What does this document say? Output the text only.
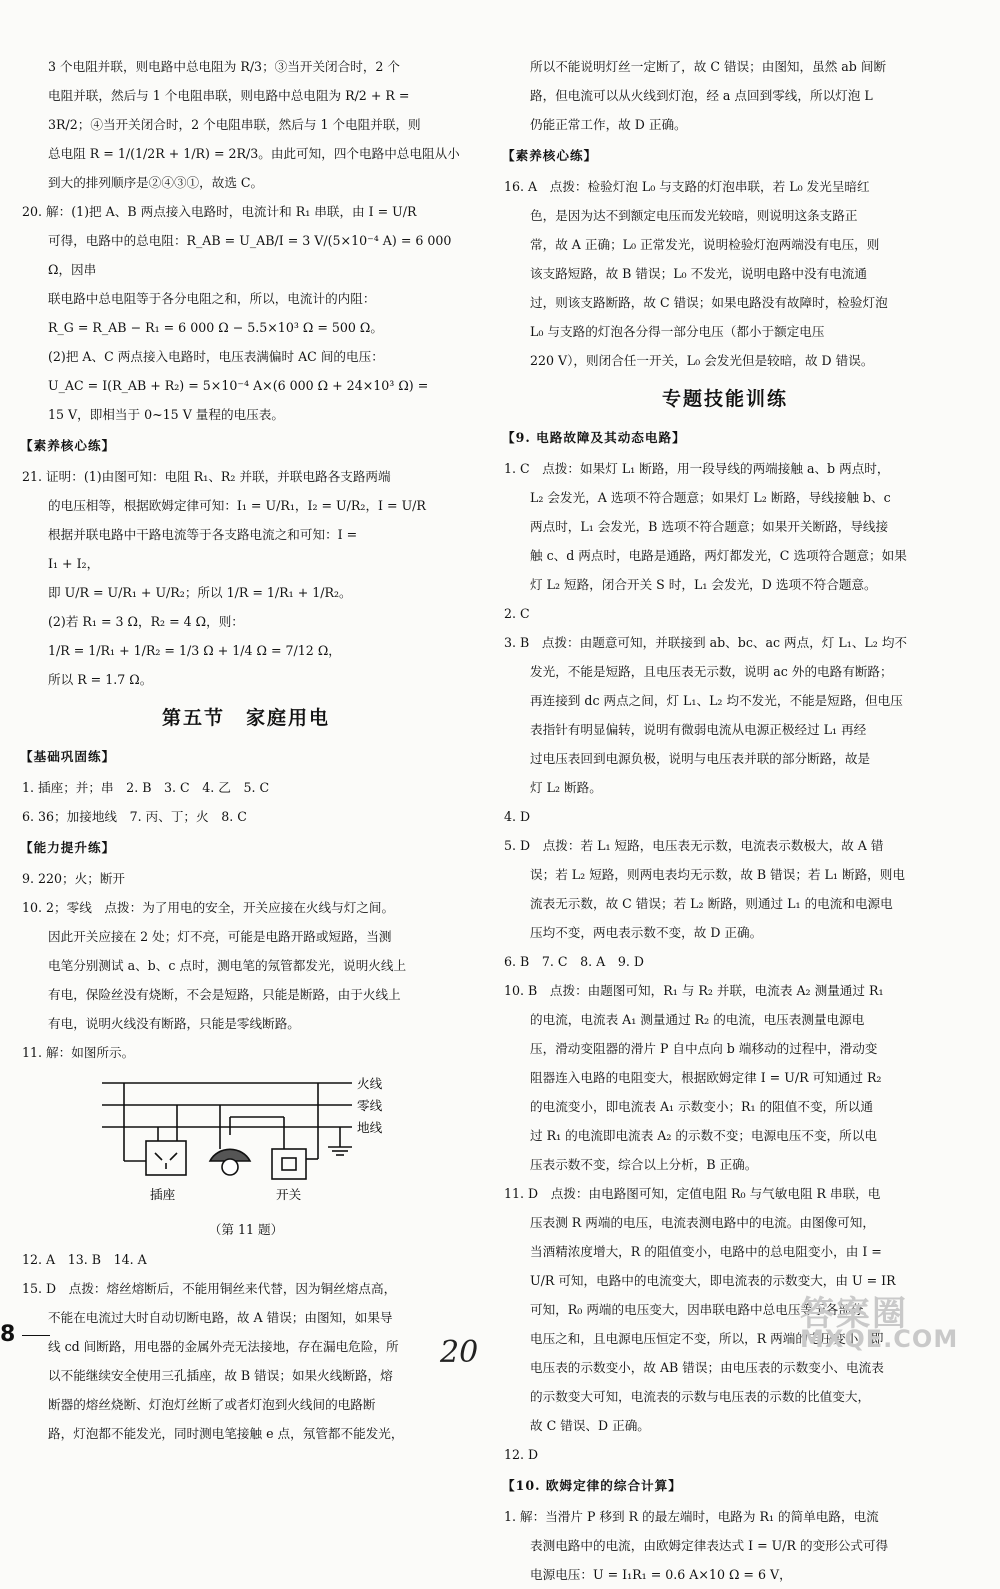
3 个电阻并联，则电路中总电阻为 R/3；③当开关闭合时，2 个

电阻并联，然后与 1 个电阻串联，则电路中总电阻为 R/2 + R =

3R/2；④当开关闭合时，2 个电阻串联，然后与 1 个电阻并联，则

总电阻 R = 1/(1/2R + 1/R) = 2R/3。由此可知，四个电路中总电阻从小

到大的排列顺序是②④③①，故选 C。

20. 解：(1)把 A、B 两点接入电路时，电流计和 R₁ 串联，由 I = U/R

可得，电路中的总电阻：R_AB = U_AB/I = 3 V/(5×10⁻⁴ A) = 6 000 Ω，因串

联电路中总电阻等于各分电阻之和，所以，电流计的内阻：

R_G = R_AB − R₁ = 6 000 Ω − 5.5×10³ Ω = 500 Ω。

(2)把 A、C 两点接入电路时，电压表满偏时 AC 间的电压：

U_AC = I(R_AB + R₂) = 5×10⁻⁴ A×(6 000 Ω + 24×10³ Ω) =

15 V，即相当于 0~15 V 量程的电压表。

【素养核心练】

21. 证明：(1)由图可知：电阻 R₁、R₂ 并联，并联电路各支路两端

的电压相等，根据欧姆定律可知：I₁ = U/R₁，I₂ = U/R₂，I = U/R

根据并联电路中干路电流等于各支路电流之和可知：I =

I₁ + I₂，

即 U/R = U/R₁ + U/R₂；所以 1/R = 1/R₁ + 1/R₂。

(2)若 R₁ = 3 Ω，R₂ = 4 Ω，则：

1/R = 1/R₁ + 1/R₂ = 1/3 Ω + 1/4 Ω = 7/12 Ω，

所以 R = 1.7 Ω。

第五节　家庭用电

【基础巩固练】

1. 插座；并；串　2. B　3. C　4. 乙　5. C

6. 36；加接地线　7. 丙、丁；火　8. C

【能力提升练】

9. 220；火；断开

10. 2；零线　点拨：为了用电的安全，开关应接在火线与灯之间。

因此开关应接在 2 处；灯不亮，可能是电路开路或短路，当测

电笔分别测试 a、b、c 点时，测电笔的氖管都发光，说明火线上

有电，保险丝没有烧断，不会是短路，只能是断路，由于火线上

有电，说明火线没有断路，只能是零线断路。

11. 解：如图所示。

火线
零线
地线
插座	开关

（第 11 题）

12. A　13. B　14. A

15. D　点拨：熔丝熔断后，不能用铜丝来代替，因为铜丝熔点高，

不能在电流过大时自动切断电路，故 A 错误；由图知，如果导

线 cd 间断路，用电器的金属外壳无法接地，存在漏电危险，所

以不能继续安全使用三孔插座，故 B 错误；如果火线断路，熔

断器的熔丝烧断、灯泡灯丝断了或者灯泡到火线间的电路断

路，灯泡都不能发光，同时测电笔接触 e 点，氖管都不能发光，

所以不能说明灯丝一定断了，故 C 错误；由图知，虽然 ab 间断

路，但电流可以从火线到灯泡，经 a 点回到零线，所以灯泡 L

仍能正常工作，故 D 正确。

【素养核心练】

16. A　点拨：检验灯泡 L₀ 与支路的灯泡串联，若 L₀ 发光呈暗红

色，是因为达不到额定电压而发光较暗，则说明这条支路正

常，故 A 正确；L₀ 正常发光，说明检验灯泡两端没有电压，则

该支路短路，故 B 错误；L₀ 不发光，说明电路中没有电流通

过，则该支路断路，故 C 错误；如果电路没有故障时，检验灯泡

L₀ 与支路的灯泡各分得一部分电压（都小于额定电压

220 V），则闭合任一开关，L₀ 会发光但是较暗，故 D 错误。

专题技能训练

【9. 电路故障及其动态电路】

1. C　点拨：如果灯 L₁ 断路，用一段导线的两端接触 a、b 两点时，

L₂ 会发光，A 选项不符合题意；如果灯 L₂ 断路，导线接触 b、c

两点时，L₁ 会发光，B 选项不符合题意；如果开关断路，导线接

触 c、d 两点时，电路是通路，两灯都发光，C 选项符合题意；如果

灯 L₂ 短路，闭合开关 S 时，L₁ 会发光，D 选项不符合题意。

2. C

3. B　点拨：由题意可知，并联接到 ab、bc、ac 两点，灯 L₁、L₂ 均不

发光，不能是短路，且电压表无示数，说明 ac 外的电路有断路；

再连接到 dc 两点之间，灯 L₁、L₂ 均不发光，不能是短路，但电压

表指针有明显偏转，说明有微弱电流从电源正极经过 L₁ 再经

过电压表回到电源负极，说明与电压表并联的部分断路，故是

灯 L₂ 断路。

4. D

5. D　点拨：若 L₁ 短路，电压表无示数，电流表示数极大，故 A 错

误；若 L₂ 短路，则两电表均无示数，故 B 错误；若 L₁ 断路，则电

流表无示数，故 C 错误；若 L₂ 断路，则通过 L₁ 的电流和电源电

压均不变，两电表示数不变，故 D 正确。

6. B　7. C　8. A　9. D

10. B　点拨：由题图可知，R₁ 与 R₂ 并联，电流表 A₂ 测量通过 R₁

的电流，电流表 A₁ 测量通过 R₂ 的电流，电压表测量电源电

压，滑动变阻器的滑片 P 自中点向 b 端移动的过程中，滑动变

阻器连入电路的电阻变大，根据欧姆定律 I = U/R 可知通过 R₂

的电流变小，即电流表 A₁ 示数变小；R₁ 的阻值不变，所以通

过 R₁ 的电流即电流表 A₂ 的示数不变；电源电压不变，所以电

压表示数不变，综合以上分析，B 正确。

11. D　点拨：由电路图可知，定值电阻 R₀ 与气敏电阻 R 串联，电

压表测 R 两端的电压，电流表测电路中的电流。由图像可知，

当酒精浓度增大，R 的阻值变小，电路中的总电阻变小，由 I =

U/R 可知，电路中的电流变大，即电流表的示数变大，由 U = IR

可知，R₀ 两端的电压变大，因串联电路中总电压等于各部分

电压之和，且电源电压恒定不变，所以，R 两端的电压变小，即

电压表的示数变小，故 AB 错误；由电压表的示数变小、电流表

的示数变大可知，电流表的示数与电压表的示数的比值变大，

故 C 错误、D 正确。

12. D

【10. 欧姆定律的综合计算】

1. 解：当滑片 P 移到 R 的最左端时，电路为 R₁ 的简单电路，电流

表测电路中的电流，由欧姆定律表达式 I = U/R 的变形公式可得

电源电压：U = I₁R₁ = 0.6 A×10 Ω = 6 V，

8
20
答案圈
MXQE.COM
